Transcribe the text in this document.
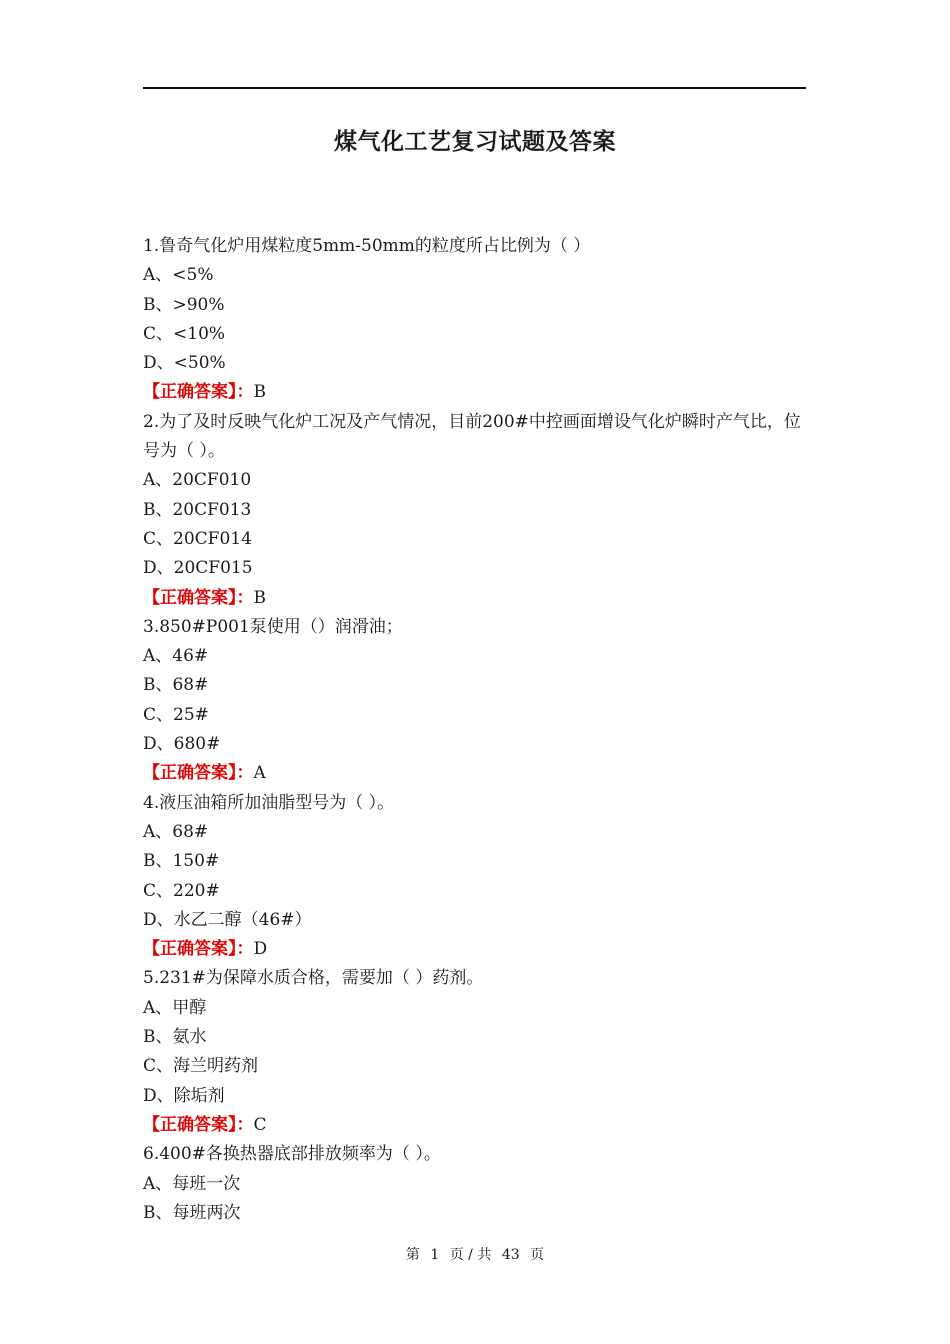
煤气化工艺复习试题及答案
1.鲁奇气化炉用煤粒度5mm-50mm的粒度所占比例为（ ）
A、<5%
B、>90%
C、<10%
D、<50%
【正确答案】：B
2.为了及时反映气化炉工况及产气情况，目前200#中控画面增设气化炉瞬时产气比，位号为（ ）。
A、20CF010
B、20CF013
C、20CF014
D、20CF015
【正确答案】：B
3.850#P001泵使用（）润滑油；
A、46#
B、68#
C、25#
D、680#
【正确答案】：A
4.液压油箱所加油脂型号为（ ）。
A、68#
B、150#
C、220#
D、水乙二醇（46#）
【正确答案】：D
5.231#为保障水质合格，需要加（ ）药剂。
A、甲醇
B、氨水
C、海兰明药剂
D、除垢剂
【正确答案】：C
6.400#各换热器底部排放频率为（ ）。
A、每班一次
B、每班两次
第 1 页 / 共 43 页
